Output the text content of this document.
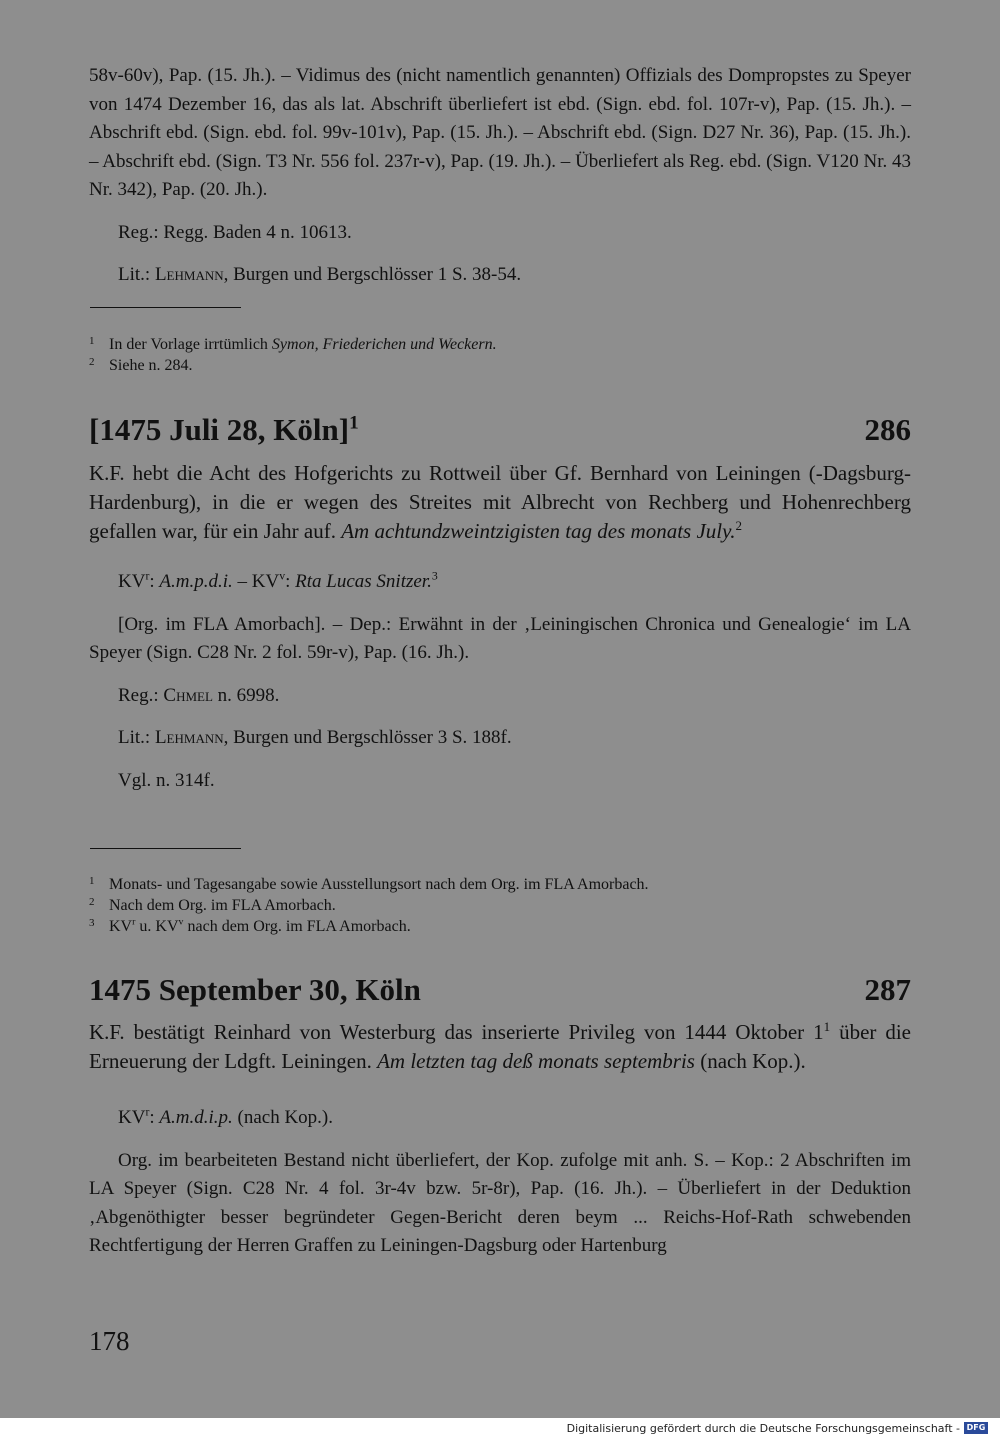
58v-60v), Pap. (15. Jh.). – Vidimus des (nicht namentlich genannten) Offizials des Dompropstes zu Speyer von 1474 Dezember 16, das als lat. Abschrift überliefert ist ebd. (Sign. ebd. fol. 107r-v), Pap. (15. Jh.). – Abschrift ebd. (Sign. ebd. fol. 99v-101v), Pap. (15. Jh.). – Abschrift ebd. (Sign. D27 Nr. 36), Pap. (15. Jh.). – Abschrift ebd. (Sign. T3 Nr. 556 fol. 237r-v), Pap. (19. Jh.). – Überliefert als Reg. ebd. (Sign. V120 Nr. 43 Nr. 342), Pap. (20. Jh.).

Reg.: Regg. Baden 4 n. 10613.

Lit.: Lehmann, Burgen und Bergschlösser 1 S. 38-54.

1 In der Vorlage irrtümlich Symon, Friederichen und Weckern.
2 Siehe n. 284.
[1475 Juli 28, Köln]$^1$	286

K.F. hebt die Acht des Hofgerichts zu Rottweil über Gf. Bernhard von Leiningen (-Dagsburg-Hardenburg), in die er wegen des Streites mit Albrecht von Rechberg und Hohenrechberg gefallen war, für ein Jahr auf. Am achtundzweintzigisten tag des monats July.$^2$

$KV^r$: A.m.p.d.i. – $KV^v$: Rta Lucas Snitzer.$^3$

[Org. im FLA Amorbach]. – Dep.: Erwähnt in der ‚Leiningischen Chronica und Genealogie‘ im LA Speyer (Sign. C28 Nr. 2 fol. 59r-v), Pap. (16. Jh.).

Reg.: Chmel n. 6998.

Lit.: Lehmann, Burgen und Bergschlösser 3 S. 188f.

Vgl. n. 314f.

1 Monats- und Tagesangabe sowie Ausstellungsort nach dem Org. im FLA Amorbach.
2 Nach dem Org. im FLA Amorbach.
3 $KV^r$ u. $KV^v$ nach dem Org. im FLA Amorbach.
1475 September 30, Köln	287

K.F. bestätigt Reinhard von Westerburg das inserierte Privileg von 1444 Oktober $1^1$ über die Erneuerung der Ldgft. Leiningen. Am letzten tag deß monats septembris (nach Kop.).

$KV^r$: A.m.d.i.p. (nach Kop.).

Org. im bearbeiteten Bestand nicht überliefert, der Kop. zufolge mit anh. S. – Kop.: 2 Abschriften im LA Speyer (Sign. C28 Nr. 4 fol. 3r-4v bzw. 5r-8r), Pap. (16. Jh.). – Überliefert in der Deduktion ‚Abgenöthigter besser begründeter Gegen-Bericht deren beym ... Reichs-Hof-Rath schwebenden Rechtfertigung der Herren Graffen zu Leiningen-Dagsburg oder Hartenburg

178
Digitalisierung gefördert durch die Deutsche Forschungsgemeinschaft - DFG
